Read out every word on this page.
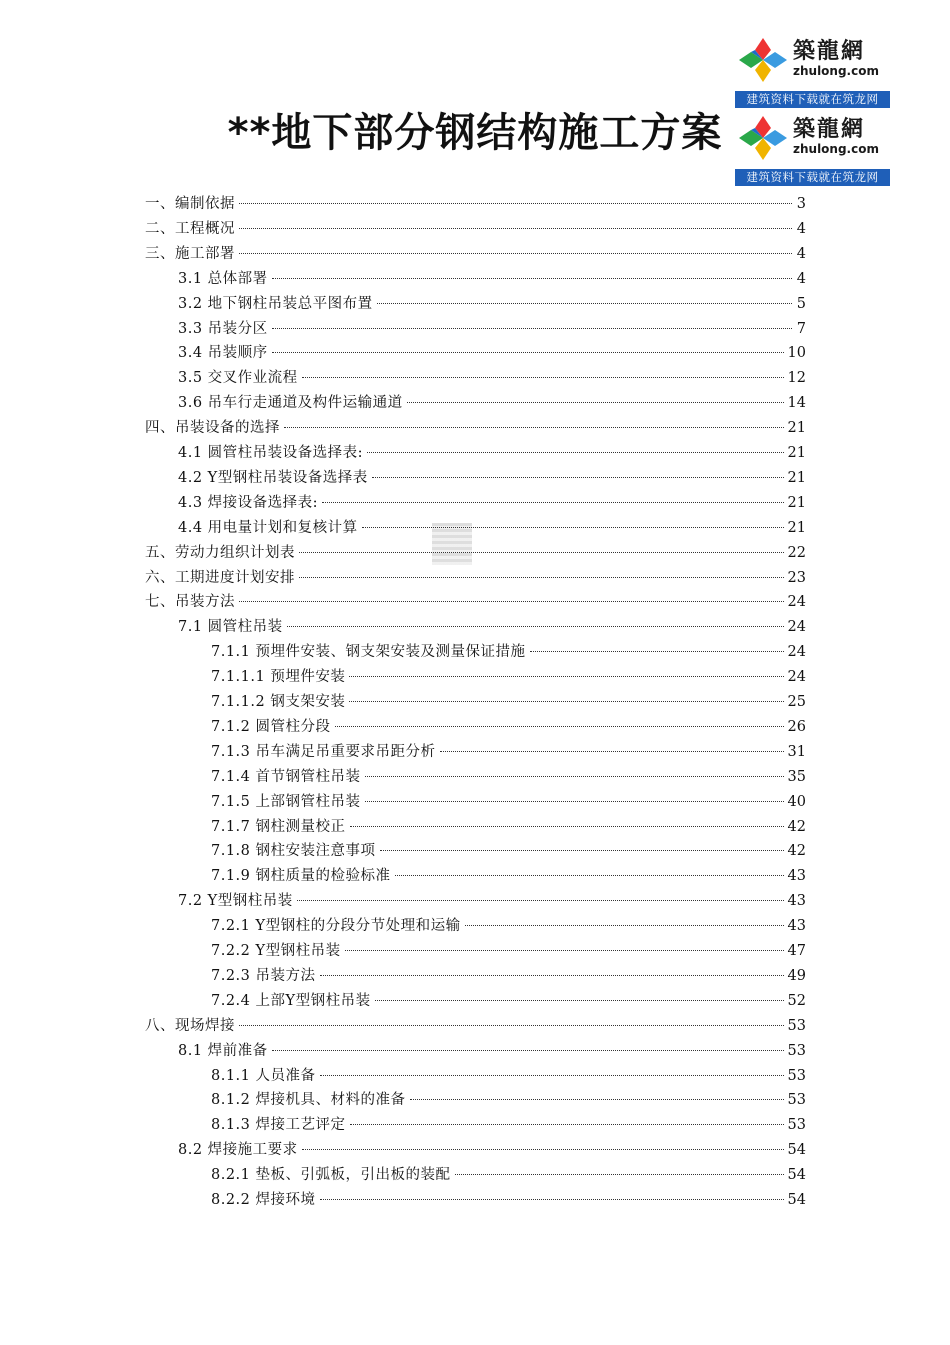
築龍網
zhulong.com
建筑资料下载就在筑龙网
築龍網
zhulong.com
建筑资料下载就在筑龙网
**地下部分钢结构施工方案
一、编制依据	3
二、工程概况	4
三、施工部署	4
3.1 总体部署	4
3.2 地下钢柱吊装总平图布置	5
3.3 吊装分区	7
3.4 吊装顺序	10
3.5 交叉作业流程	12
3.6 吊车行走通道及构件运输通道	14
四、吊装设备的选择	21
4.1 圆管柱吊装设备选择表:	21
4.2 Y型钢柱吊装设备选择表	21
4.3 焊接设备选择表:	21
4.4 用电量计划和复核计算	21
五、劳动力组织计划表	22
六、工期进度计划安排	23
七、吊装方法	24
7.1 圆管柱吊装	24
7.1.1 预埋件安装、钢支架安装及测量保证措施	24
7.1.1.1 预埋件安装	24
7.1.1.2 钢支架安装	25
7.1.2 圆管柱分段	26
7.1.3 吊车满足吊重要求吊距分析	31
7.1.4 首节钢管柱吊装	35
7.1.5 上部钢管柱吊装	40
7.1.7 钢柱测量校正	42
7.1.8 钢柱安装注意事项	42
7.1.9 钢柱质量的检验标准	43
7.2 Y型钢柱吊装	43
7.2.1 Y型钢柱的分段分节处理和运输	43
7.2.2 Y型钢柱吊装	47
7.2.3 吊装方法	49
7.2.4 上部Y型钢柱吊装	52
八、现场焊接	53
8.1 焊前准备	53
8.1.1 人员准备	53
8.1.2 焊接机具、材料的准备	53
8.1.3 焊接工艺评定	53
8.2 焊接施工要求	54
8.2.1 垫板、引弧板，引出板的装配	54
8.2.2 焊接环境	54
